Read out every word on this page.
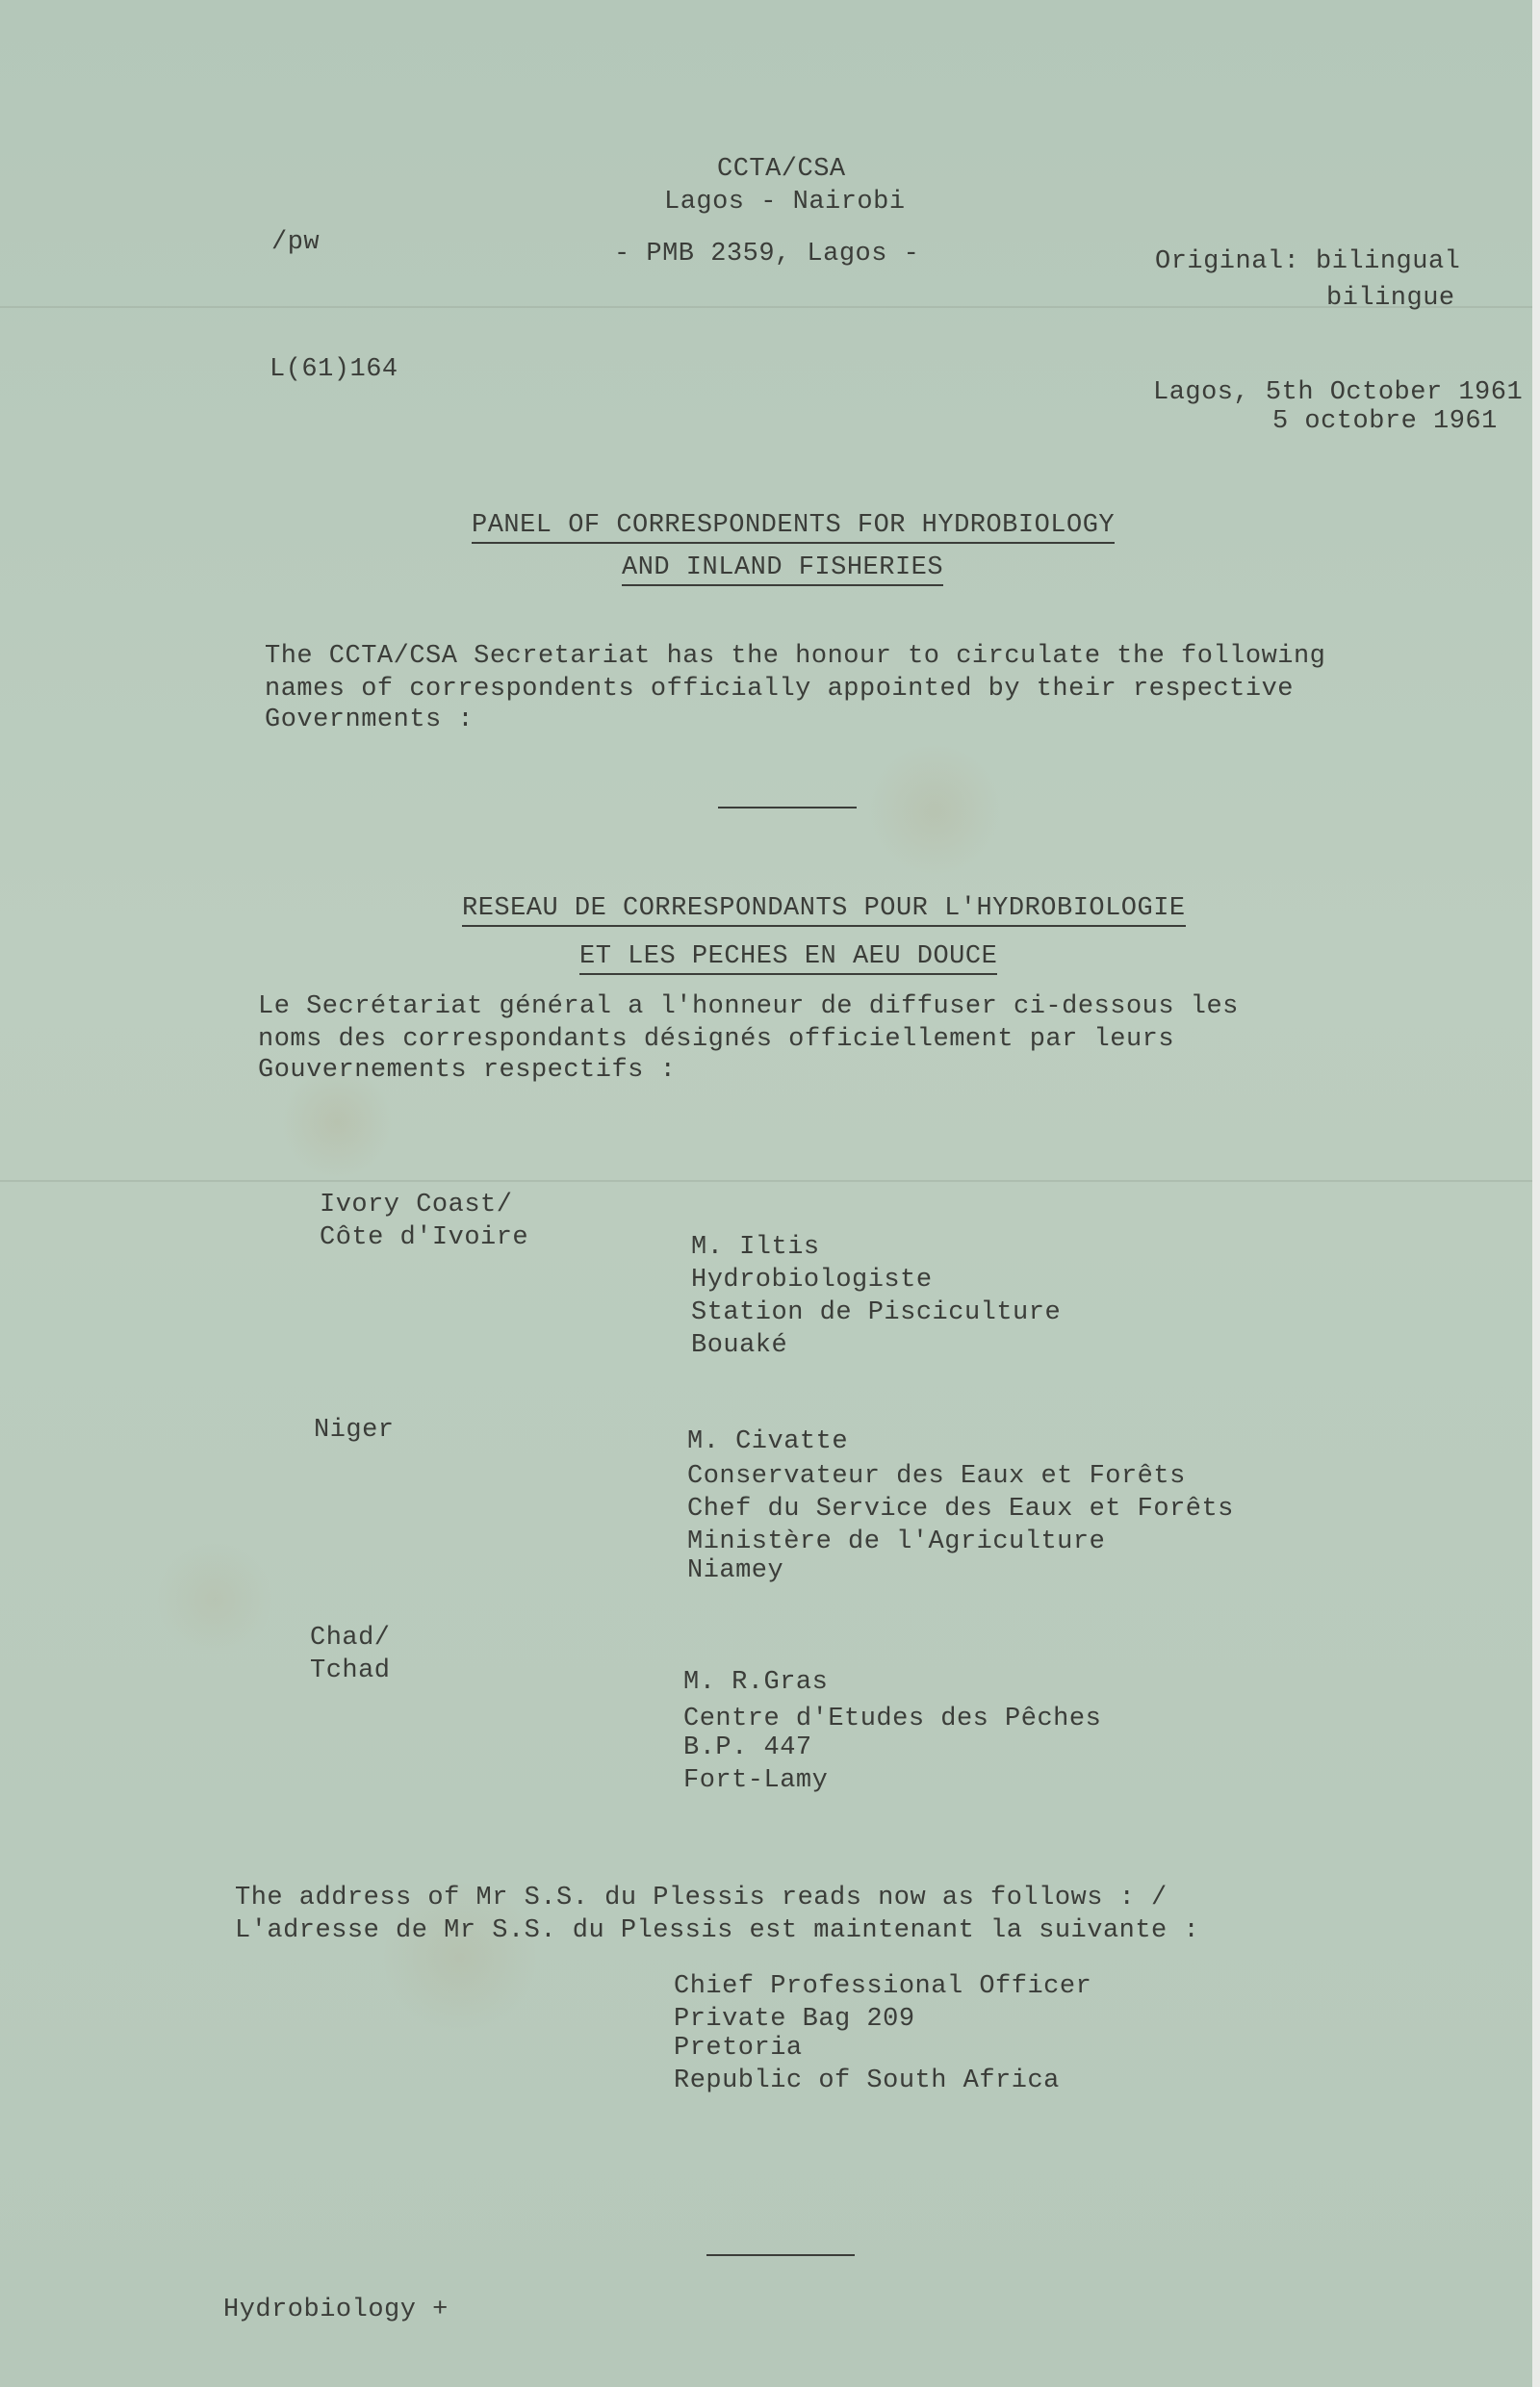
CCTA/CSA
Lagos - Nairobi
- PMB 2359, Lagos -
/pw
Original: bilingual
bilingue
L(61)164
Lagos, 5th October 1961
5 octobre 1961
PANEL OF CORRESPONDENTS FOR HYDROBIOLOGY
AND INLAND FISHERIES
The CCTA/CSA Secretariat has the honour to circulate the following
names of correspondents officially appointed by their respective
Governments :
RESEAU DE CORRESPONDANTS POUR L'HYDROBIOLOGIE
ET LES PECHES EN AEU DOUCE
Le Secrétariat général a l'honneur de diffuser ci-dessous les
noms des correspondants désignés officiellement par leurs
Gouvernements respectifs :
Ivory Coast/
Côte d'Ivoire	M. Iltis
Hydrobiologiste
Station de Pisciculture
Bouaké
Niger	M. Civatte
Conservateur des Eaux et Forêts
Chef du Service des Eaux et Forêts
Ministère de l'Agriculture
Niamey
Chad/
Tchad	M. R.Gras
Centre d'Etudes des Pêches
B.P. 447
Fort-Lamy
The address of Mr S.S. du Plessis reads now as follows : /
L'adresse de Mr S.S. du Plessis est maintenant la suivante :
Chief Professional Officer
Private Bag 209
Pretoria
Republic of South Africa
Hydrobiology +
